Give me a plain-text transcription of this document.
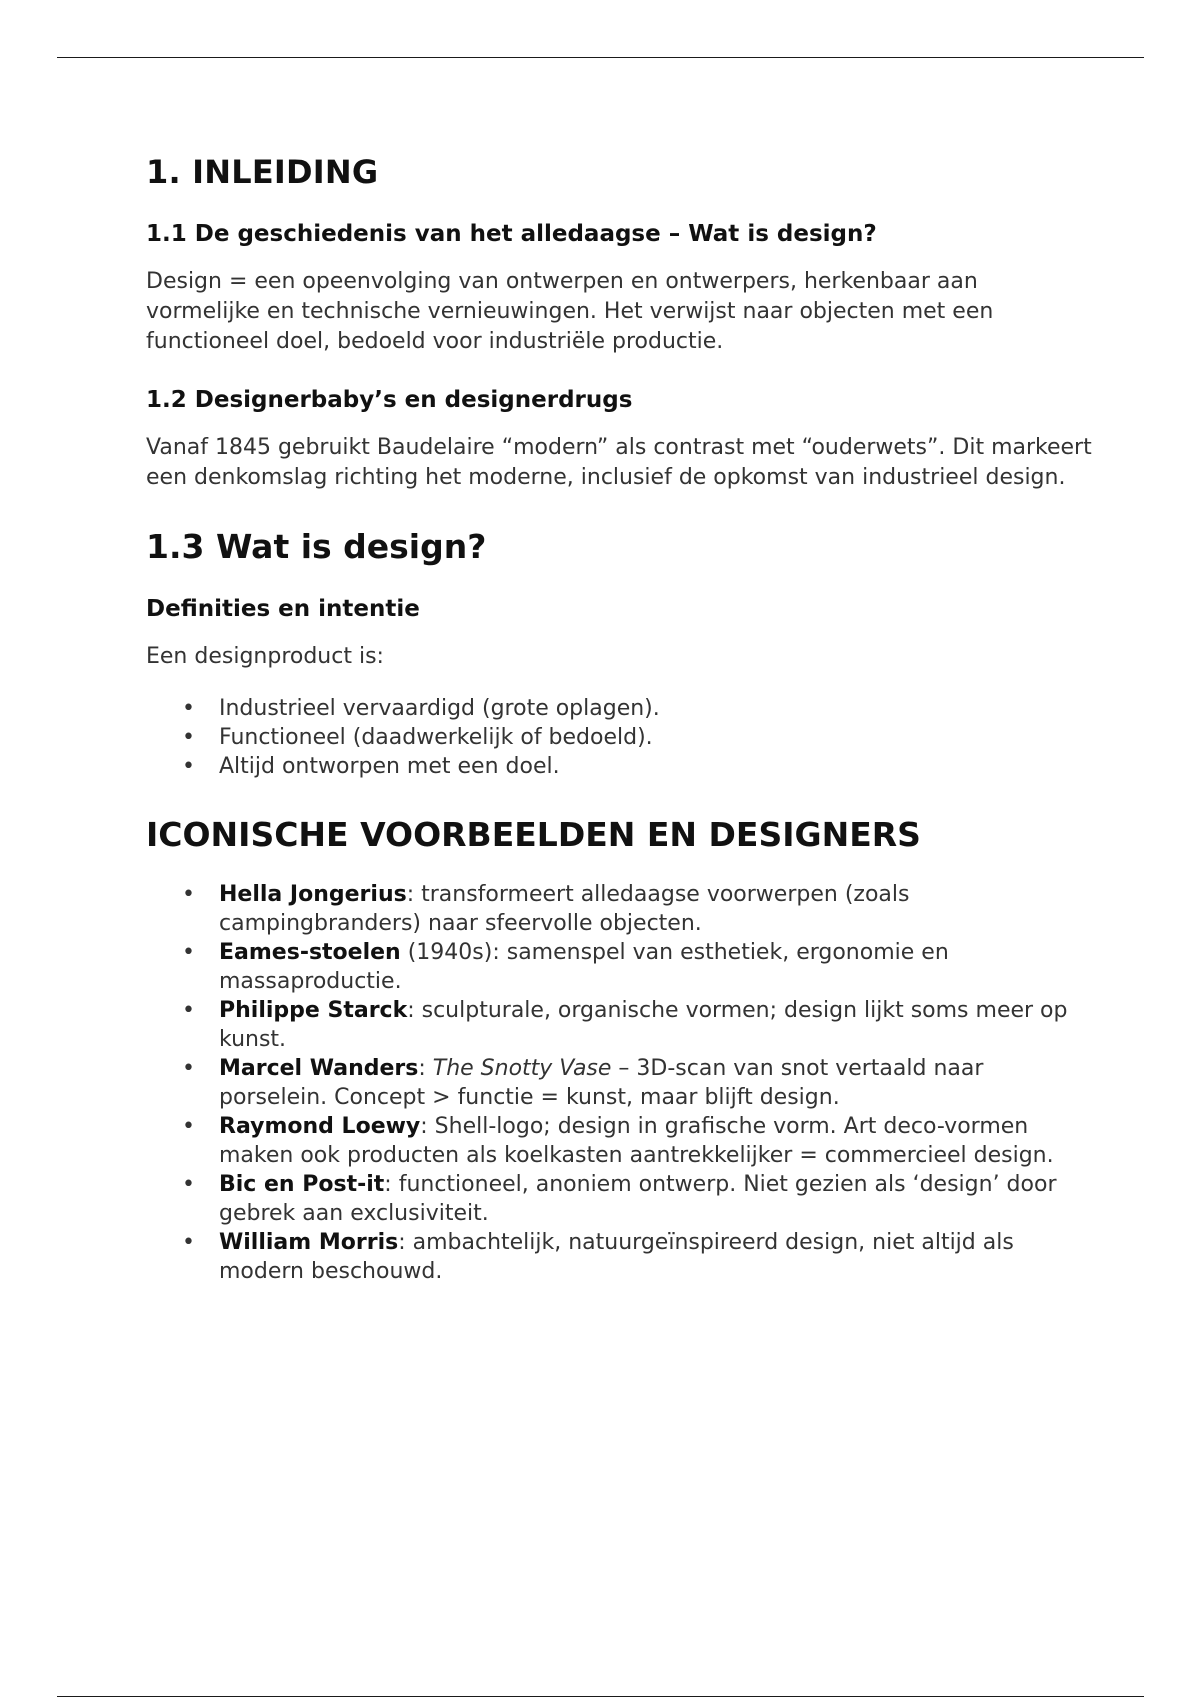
1. INLEIDING
1.1 De geschiedenis van het alledaagse – Wat is design?

Design = een opeenvolging van ontwerpen en ontwerpers, herkenbaar aan vormelijke en technische vernieuwingen. Het verwijst naar objecten met een functioneel doel, bedoeld voor industriële productie.

1.2 Designerbaby’s en designerdrugs

Vanaf 1845 gebruikt Baudelaire “modern” als contrast met “ouderwets”. Dit markeert een denkomslag richting het moderne, inclusief de opkomst van industrieel design.

1.3 Wat is design?
Definities en intentie

Een designproduct is:

• Industrieel vervaardigd (grote oplagen).
• Functioneel (daadwerkelijk of bedoeld).
• Altijd ontworpen met een doel.
ICONISCHE VOORBEELDEN EN DESIGNERS
• Hella Jongerius: transformeert alledaagse voorwerpen (zoals campingbranders) naar sfeervolle objecten.
• Eames-stoelen (1940s): samenspel van esthetiek, ergonomie en massaproductie.
• Philippe Starck: sculpturale, organische vormen; design lijkt soms meer op kunst.
• Marcel Wanders: The Snotty Vase – 3D-scan van snot vertaald naar porselein. Concept > functie = kunst, maar blijft design.
• Raymond Loewy: Shell-logo; design in grafische vorm. Art deco-vormen maken ook producten als koelkasten aantrekkelijker = commercieel design.
• Bic en Post-it: functioneel, anoniem ontwerp. Niet gezien als ‘design’ door gebrek aan exclusiviteit.
• William Morris: ambachtelijk, natuurgeïnspireerd design, niet altijd als modern beschouwd.
